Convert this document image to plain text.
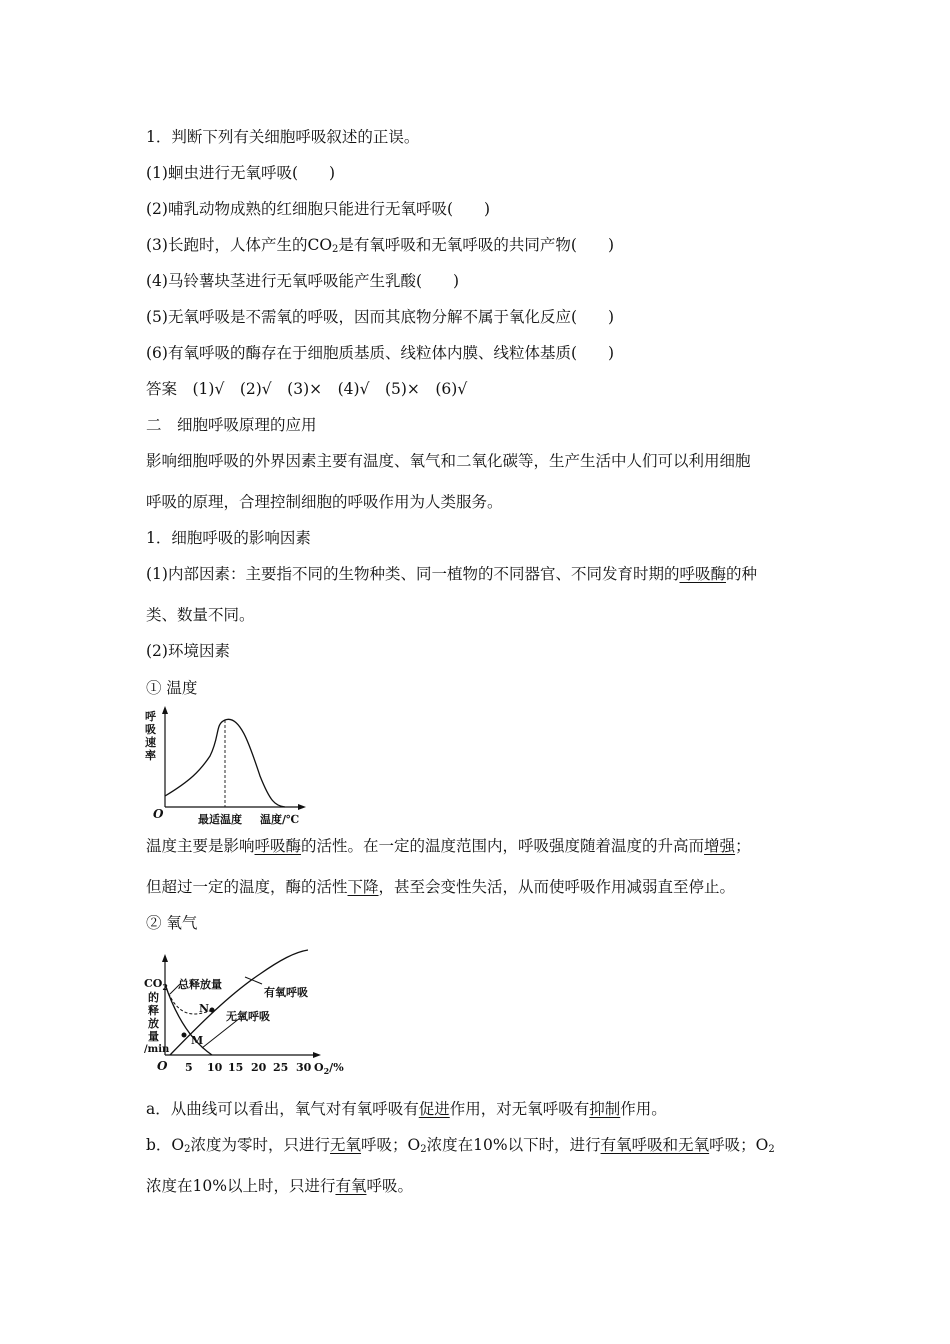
1．判断下列有关细胞呼吸叙述的正误。
(1)蛔虫进行无氧呼吸(　　)
(2)哺乳动物成熟的红细胞只能进行无氧呼吸(　　)
(3)长跑时，人体产生的$CO_2$是有氧呼吸和无氧呼吸的共同产物(　　)
(4)马铃薯块茎进行无氧呼吸能产生乳酸(　　)
(5)无氧呼吸是不需氧的呼吸，因而其底物分解不属于氧化反应(　　)
(6)有氧呼吸的酶存在于细胞质基质、线粒体内膜、线粒体基质(　　)
答案　(1)√　(2)√　(3)×　(4)√　(5)×　(6)√
二　细胞呼吸原理的应用
影响细胞呼吸的外界因素主要有温度、氧气和二氧化碳等，生产生活中人们可以利用细胞
呼吸的原理，合理控制细胞的呼吸作用为人类服务。
1．细胞呼吸的影响因素
(1)内部因素：主要指不同的生物种类、同一植物的不同器官、不同发育时期的呼吸酶的种
类、数量不同。
(2)环境因素
① 温度
呼
吸
速
率
O	最适温度 温度/℃
温度主要是影响呼吸酶的活性。在一定的温度范围内，呼吸强度随着温度的升高而增强；
但超过一定的温度，酶的活性下降，甚至会变性失活，从而使呼吸作用减弱直至停止。
② 氧气
$CO_2$
的
释
放
量
/min
O 5 10 15 20 25 30 $O_2/\%$
总释放量
有氧呼吸
无氧呼吸
N
M
a．从曲线可以看出，氧气对有氧呼吸有促进作用，对无氧呼吸有抑制作用。
b．$O_2$浓度为零时，只进行无氧呼吸；$O_2$浓度在10%以下时，进行有氧呼吸和无氧呼吸；$O_2$
浓度在10%以上时，只进行有氧呼吸。
